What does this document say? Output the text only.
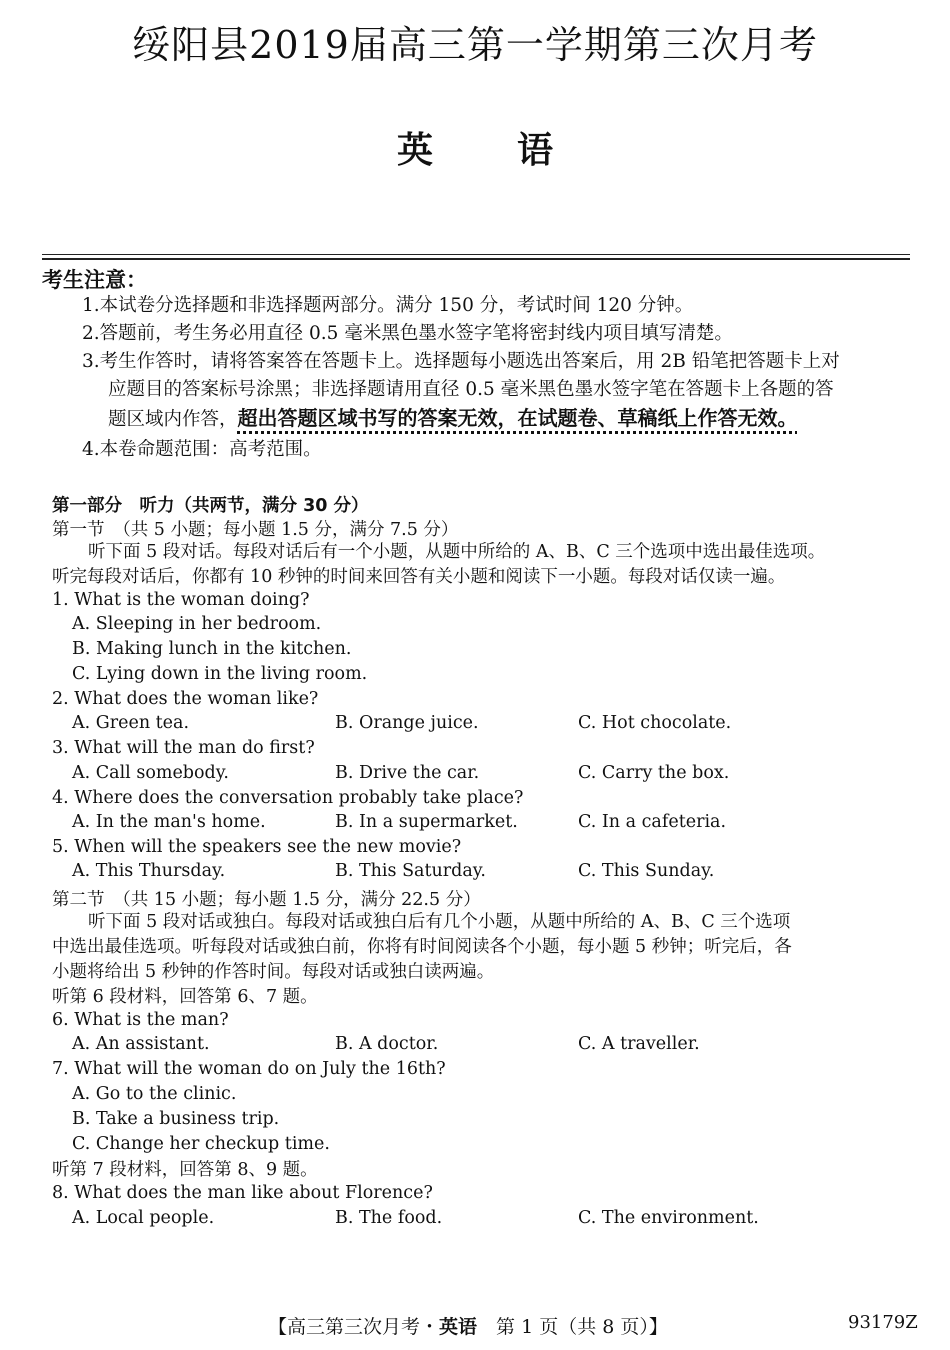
绥阳县2019届高三第一学期第三次月考
英 语
考生注意：
1.本试卷分选择题和非选择题两部分。满分 150 分，考试时间 120 分钟。
2.答题前，考生务必用直径 0.5 毫米黑色墨水签字笔将密封线内项目填写清楚。
3.考生作答时，请将答案答在答题卡上。选择题每小题选出答案后，用 2B 铅笔把答题卡上对
应题目的答案标号涂黑；非选择题请用直径 0.5 毫米黑色墨水签字笔在答题卡上各题的答
题区域内作答，超出答题区域书写的答案无效，在试题卷、草稿纸上作答无效。
4.本卷命题范围：高考范围。
第一部分　听力（共两节，满分 30 分）
第一节　（共 5 小题；每小题 1.5 分，满分 7.5 分）
听下面 5 段对话。每段对话后有一个小题，从题中所给的 A、B、C 三个选项中选出最佳选项。
听完每段对话后，你都有 10 秒钟的时间来回答有关小题和阅读下一小题。每段对话仅读一遍。
1. What is the woman doing?
A. Sleeping in her bedroom.
B. Making lunch in the kitchen.
C. Lying down in the living room.
2. What does the woman like?
A. Green tea.	B. Orange juice.	C. Hot chocolate.
3. What will the man do first?
A. Call somebody.	B. Drive the car.	C. Carry the box.
4. Where does the conversation probably take place?
A. In the man's home.	B. In a supermarket.	C. In a cafeteria.
5. When will the speakers see the new movie?
A. This Thursday.	B. This Saturday.	C. This Sunday.
第二节　（共 15 小题；每小题 1.5 分，满分 22.5 分）
听下面 5 段对话或独白。每段对话或独白后有几个小题，从题中所给的 A、B、C 三个选项
中选出最佳选项。听每段对话或独白前，你将有时间阅读各个小题，每小题 5 秒钟；听完后，各
小题将给出 5 秒钟的作答时间。每段对话或独白读两遍。
听第 6 段材料，回答第 6、7 题。
6. What is the man?
A. An assistant.	B. A doctor.	C. A traveller.
7. What will the woman do on July the 16th?
A. Go to the clinic.
B. Take a business trip.
C. Change her checkup time.
听第 7 段材料，回答第 8、9 题。
8. What does the man like about Florence?
A. Local people.	B. The food.	C. The environment.
【高三第三次月考・英语　第 1 页（共 8 页）】	93179Z
